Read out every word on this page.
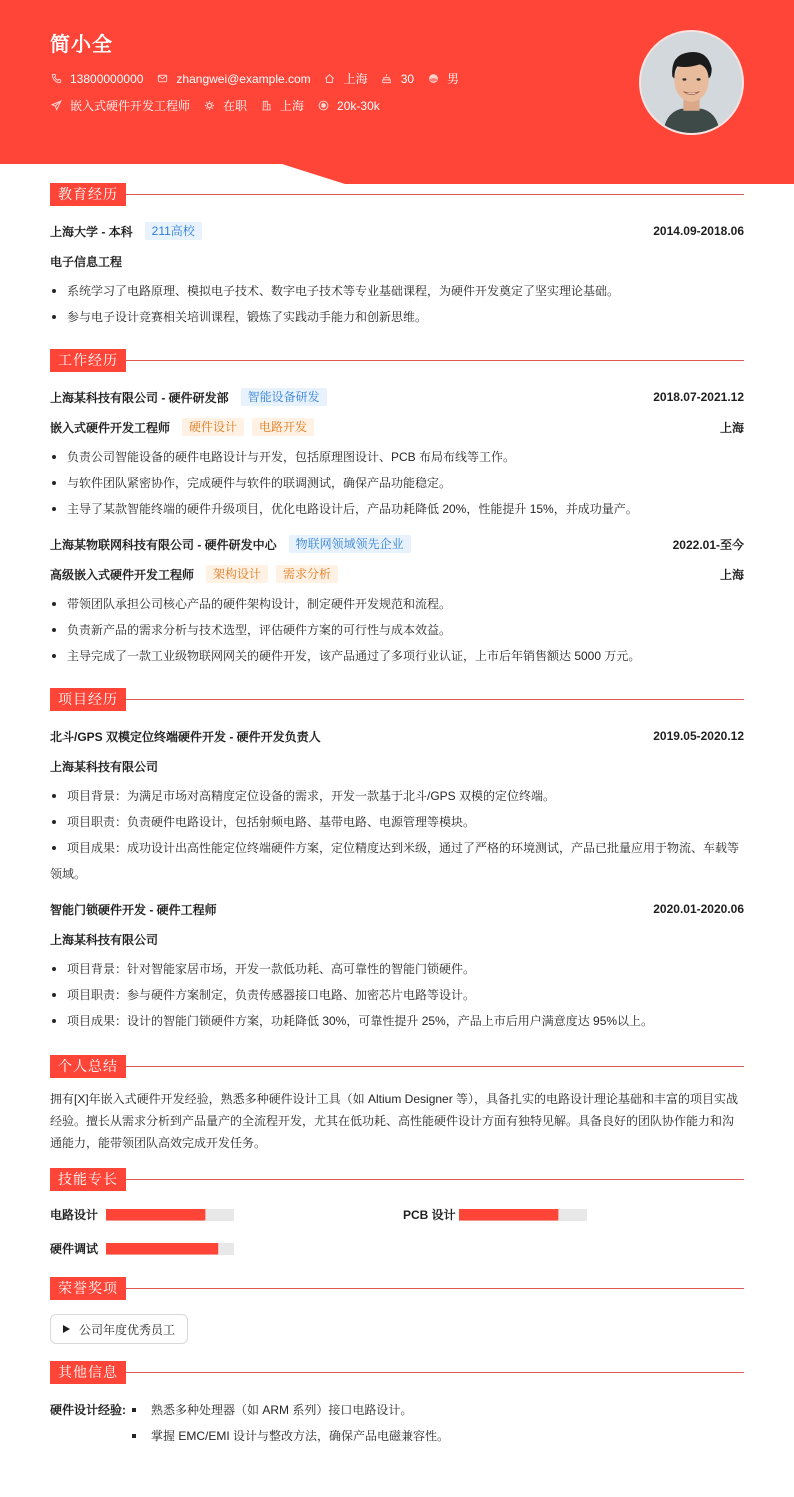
简小全
13800000000	zhangwei@example.com	上海	30	男
嵌入式硬件开发工程师	在职	上海	20k-30k
教育经历
上海大学 - 本科	211高校	2014.09-2018.06
电子信息工程
系统学习了电路原理、模拟电子技术、数字电子技术等专业基础课程，为硬件开发奠定了坚实理论基础。
参与电子设计竞赛相关培训课程，锻炼了实践动手能力和创新思维。
工作经历
上海某科技有限公司 - 硬件研发部	智能设备研发	2018.07-2021.12
嵌入式硬件开发工程师	硬件设计	电路开发	上海
负责公司智能设备的硬件电路设计与开发，包括原理图设计、PCB 布局布线等工作。
与软件团队紧密协作，完成硬件与软件的联调测试，确保产品功能稳定。
主导了某款智能终端的硬件升级项目，优化电路设计后，产品功耗降低 20%，性能提升 15%，并成功量产。
上海某物联网科技有限公司 - 硬件研发中心	物联网领域领先企业	2022.01-至今
高级嵌入式硬件开发工程师	架构设计	需求分析	上海
带领团队承担公司核心产品的硬件架构设计，制定硬件开发规范和流程。
负责新产品的需求分析与技术选型，评估硬件方案的可行性与成本效益。
主导完成了一款工业级物联网网关的硬件开发，该产品通过了多项行业认证，上市后年销售额达 5000 万元。
项目经历
北斗/GPS 双模定位终端硬件开发 - 硬件开发负责人	2019.05-2020.12
上海某科技有限公司
项目背景：为满足市场对高精度定位设备的需求，开发一款基于北斗/GPS 双模的定位终端。
项目职责：负责硬件电路设计，包括射频电路、基带电路、电源管理等模块。
项目成果：成功设计出高性能定位终端硬件方案，定位精度达到米级，通过了严格的环境测试，产品已批量应用于物流、车载等领域。
智能门锁硬件开发 - 硬件工程师	2020.01-2020.06
上海某科技有限公司
项目背景：针对智能家居市场，开发一款低功耗、高可靠性的智能门锁硬件。
项目职责：参与硬件方案制定，负责传感器接口电路、加密芯片电路等设计。
项目成果：设计的智能门锁硬件方案，功耗降低 30%，可靠性提升 25%，产品上市后用户满意度达 95%以上。
个人总结
拥有[X]年嵌入式硬件开发经验，熟悉多种硬件设计工具（如 Altium Designer 等），具备扎实的电路设计理论基础和丰富的项目实战经验。擅长从需求分析到产品量产的全流程开发，尤其在低功耗、高性能硬件设计方面有独特见解。具备良好的团队协作能力和沟通能力，能带领团队高效完成开发任务。
技能专长
电路设计	PCB 设计
硬件调试
荣誉奖项
公司年度优秀员工
其他信息
硬件设计经验:	熟悉多种处理器（如 ARM 系列）接口电路设计。
掌握 EMC/EMI 设计与整改方法，确保产品电磁兼容性。
